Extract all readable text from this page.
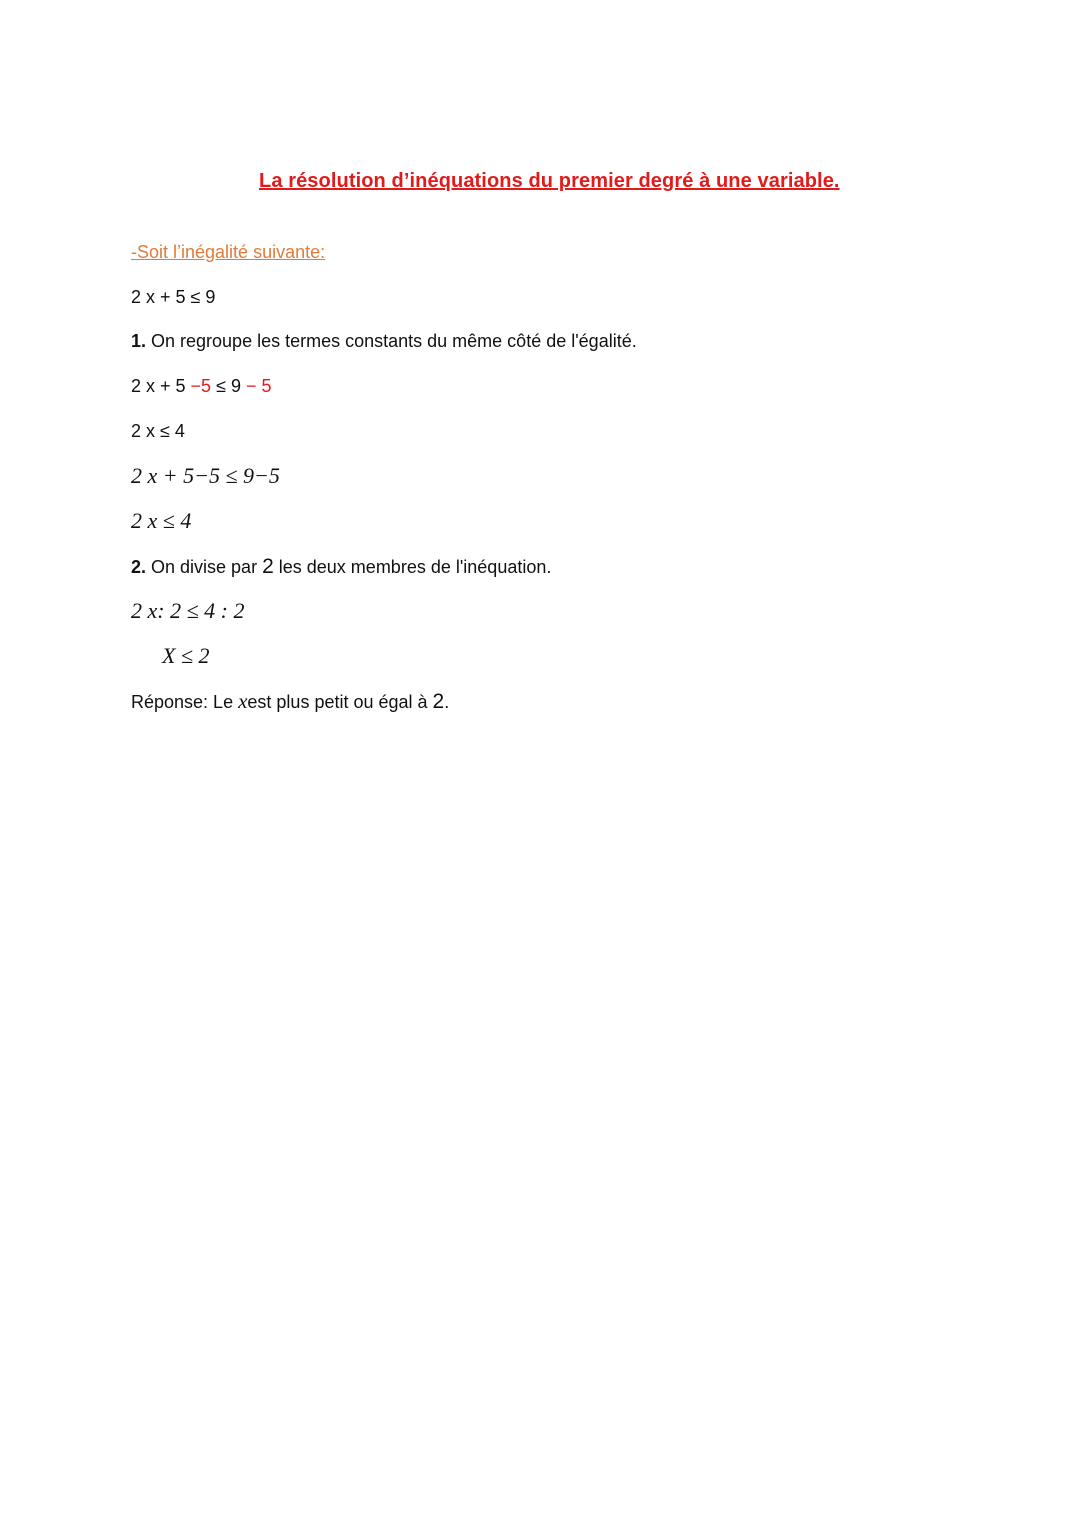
La résolution d’inéquations du premier degré à une variable.
-Soit l’inégalité suivante:
2 x + 5 ≤ 9
1. On regroupe les termes constants du même côté de l'égalité.
2 x + 5 −5 ≤ 9 − 5
2 x ≤ 4
2 x + 5−5 ≤ 9−5
2 x ≤ 4
2. On divise par 2 les deux membres de l'inéquation.
2 x: 2 ≤ 4 : 2
X ≤ 2
Réponse: Le xest plus petit ou égal à 2.
